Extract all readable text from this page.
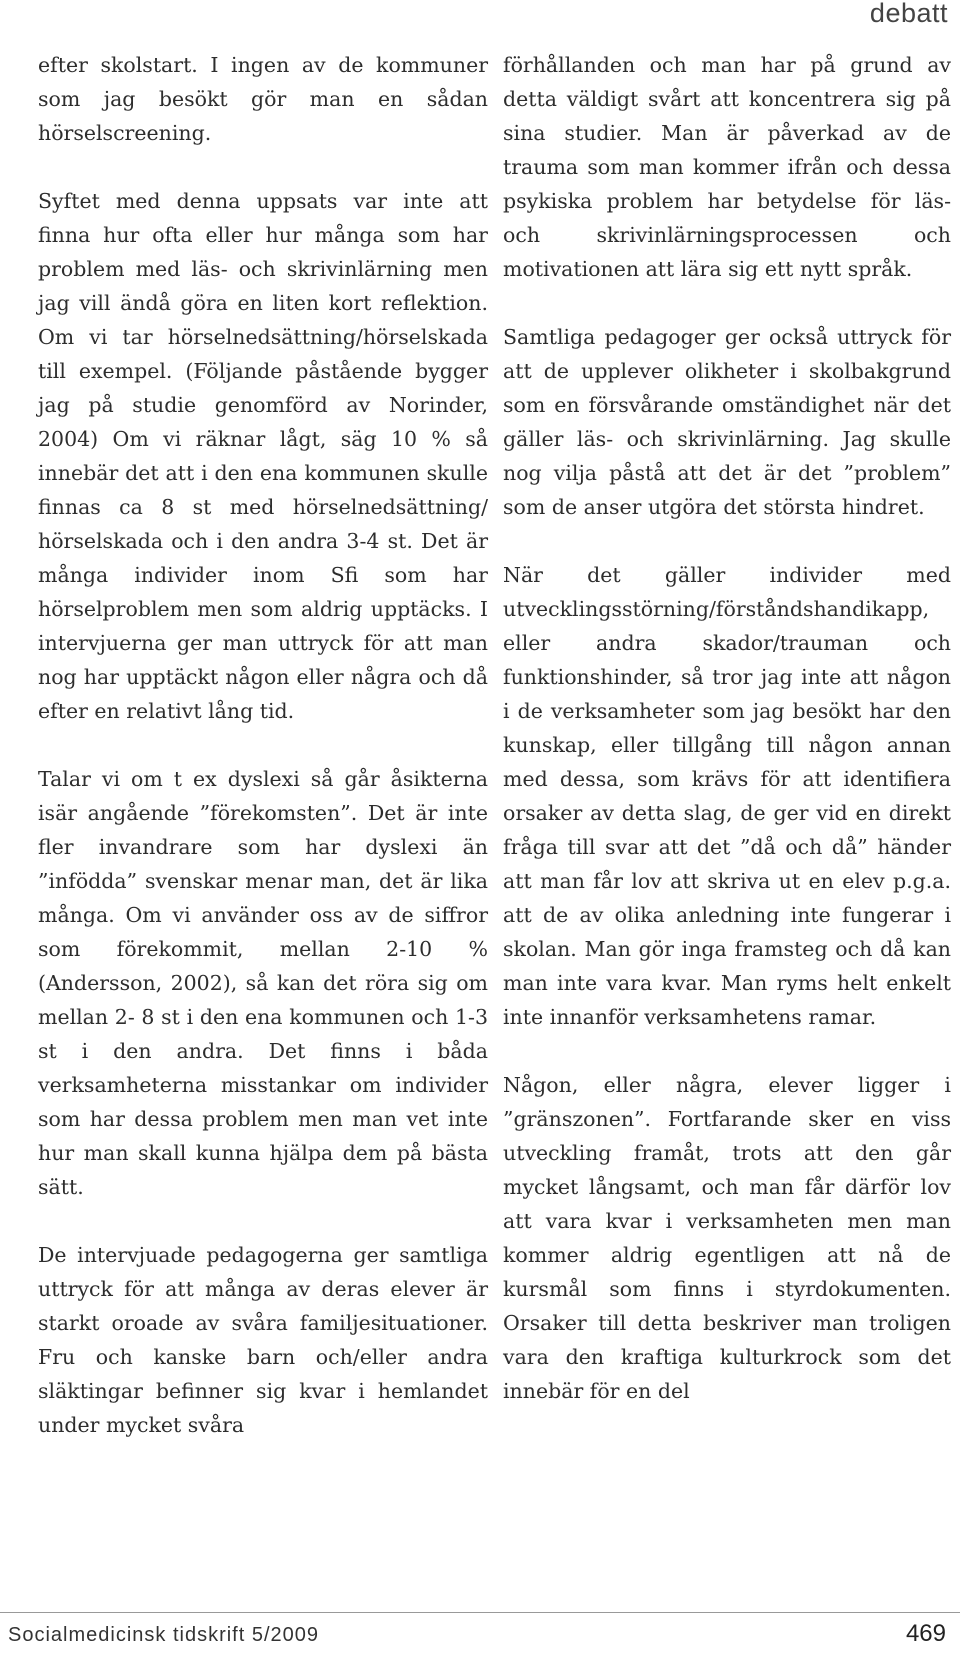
debatt

efter skolstart. I ingen av de kommuner som jag besökt gör man en sådan hörselscreening.

Syftet med denna uppsats var inte att finna hur ofta eller hur många som har problem med läs- och skrivinlärning men jag vill ändå göra en liten kort reflektion. Om vi tar hörselnedsättning/hörselskada till exempel. (Följande påstående bygger jag på studie genomförd av Norinder, 2004) Om vi räknar lågt, säg 10 % så innebär det att i den ena kommunen skulle finnas ca 8 st med hörselnedsättning/ hörselskada och i den andra 3-4 st. Det är många individer inom Sfi som har hörselproblem men som aldrig upptäcks. I intervjuerna ger man uttryck för att man nog har upptäckt någon eller några och då efter en relativt lång tid.

Talar vi om t ex dyslexi så går åsikterna isär angående ”förekomsten”. Det är inte fler invandrare som har dyslexi än ”infödda” svenskar menar man, det är lika många. Om vi använder oss av de siffror som förekommit, mellan 2-10 % (Andersson, 2002), så kan det röra sig om mellan 2- 8 st i den ena kommunen och 1-3 st i den andra. Det finns i båda verksamheterna misstankar om individer som har dessa problem men man vet inte hur man skall kunna hjälpa dem på bästa sätt.

De intervjuade pedagogerna ger samtliga uttryck för att många av deras elever är starkt oroade av svåra familjesituationer. Fru och kanske barn och/eller andra släktingar befinner sig kvar i hemlandet under mycket svåra

förhållanden och man har på grund av detta väldigt svårt att koncentrera sig på sina studier. Man är påverkad av de trauma som man kommer ifrån och dessa psykiska problem har betydelse för läs- och skrivinlärningsprocessen och motivationen att lära sig ett nytt språk.

Samtliga pedagoger ger också uttryck för att de upplever olikheter i skolbakgrund som en försvårande omständighet när det gäller läs- och skrivinlärning. Jag skulle nog vilja påstå att det är det ”problem” som de anser utgöra det största hindret.

När det gäller individer med utvecklingsstörning/förståndshandikapp, eller andra skador/trauman och funktionshinder, så tror jag inte att någon i de verksamheter som jag besökt har den kunskap, eller tillgång till någon annan med dessa, som krävs för att identifiera orsaker av detta slag, de ger vid en direkt fråga till svar att det ”då och då” händer att man får lov att skriva ut en elev p.g.a. att de av olika anledning inte fungerar i skolan. Man gör inga framsteg och då kan man inte vara kvar. Man ryms helt enkelt inte innanför verksamhetens ramar.

Någon, eller några, elever ligger i ”gränszonen”. Fortfarande sker en viss utveckling framåt, trots att den går mycket långsamt, och man får därför lov att vara kvar i verksamheten men man kommer aldrig egentligen att nå de kursmål som finns i styrdokumenten. Orsaker till detta beskriver man troligen vara den kraftiga kulturkrock som det innebär för en del

Socialmedicinsk tidskrift 5/2009	469
